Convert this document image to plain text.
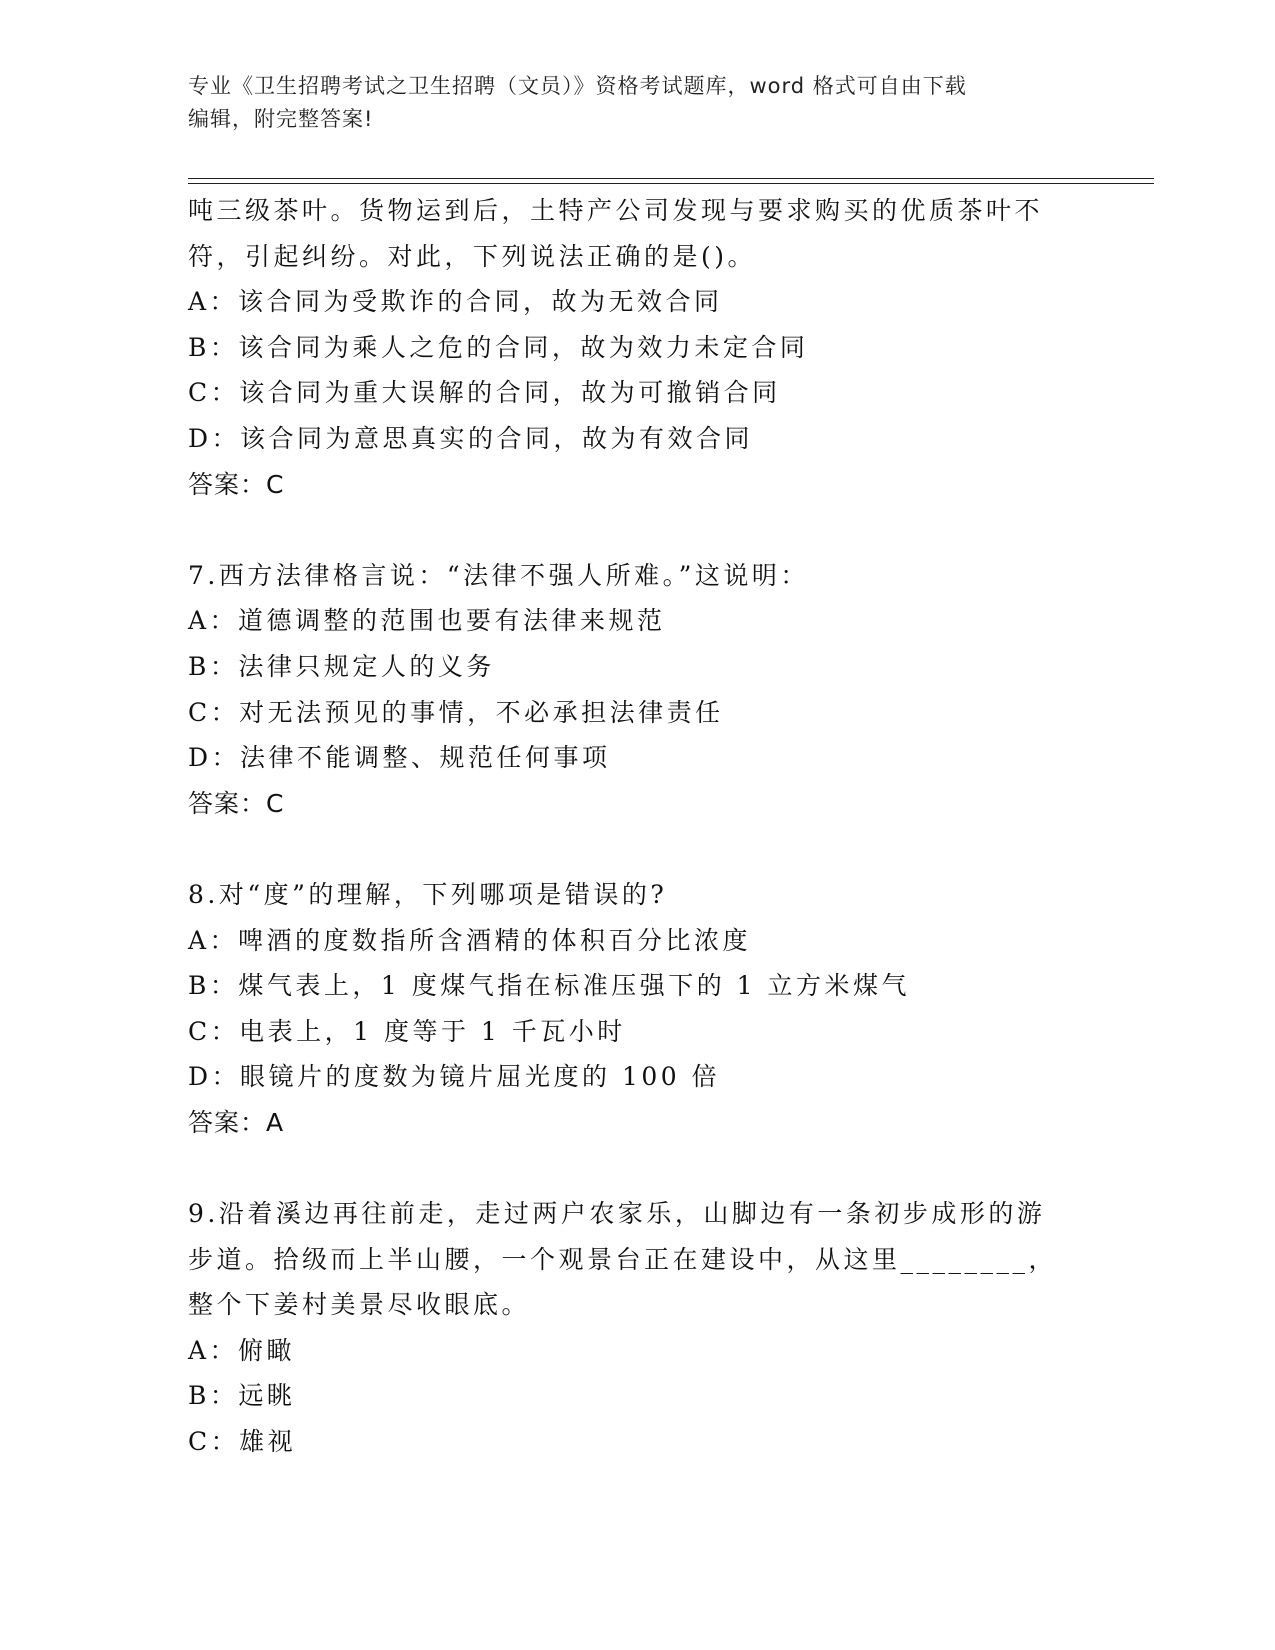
专业《卫生招聘考试之卫生招聘（文员）》资格考试题库，word 格式可自由下载
编辑，附完整答案!
吨三级茶叶。货物运到后，土特产公司发现与要求购买的优质茶叶不
符，引起纠纷。对此，下列说法正确的是()。
A：该合同为受欺诈的合同，故为无效合同
B：该合同为乘人之危的合同，故为效力未定合同
C：该合同为重大误解的合同，故为可撤销合同
D：该合同为意思真实的合同，故为有效合同
答案：C
7.西方法律格言说：“法律不强人所难。”这说明：
A：道德调整的范围也要有法律来规范
B：法律只规定人的义务
C：对无法预见的事情，不必承担法律责任
D：法律不能调整、规范任何事项
答案：C
8.对“度”的理解，下列哪项是错误的?
A：啤酒的度数指所含酒精的体积百分比浓度
B：煤气表上，1 度煤气指在标准压强下的 1 立方米煤气
C：电表上，1 度等于 1 千瓦小时
D：眼镜片的度数为镜片屈光度的 100 倍
答案：A
9.沿着溪边再往前走，走过两户农家乐，山脚边有一条初步成形的游
步道。拾级而上半山腰，一个观景台正在建设中，从这里________，
整个下姜村美景尽收眼底。
A：俯瞰
B：远眺
C：雄视
